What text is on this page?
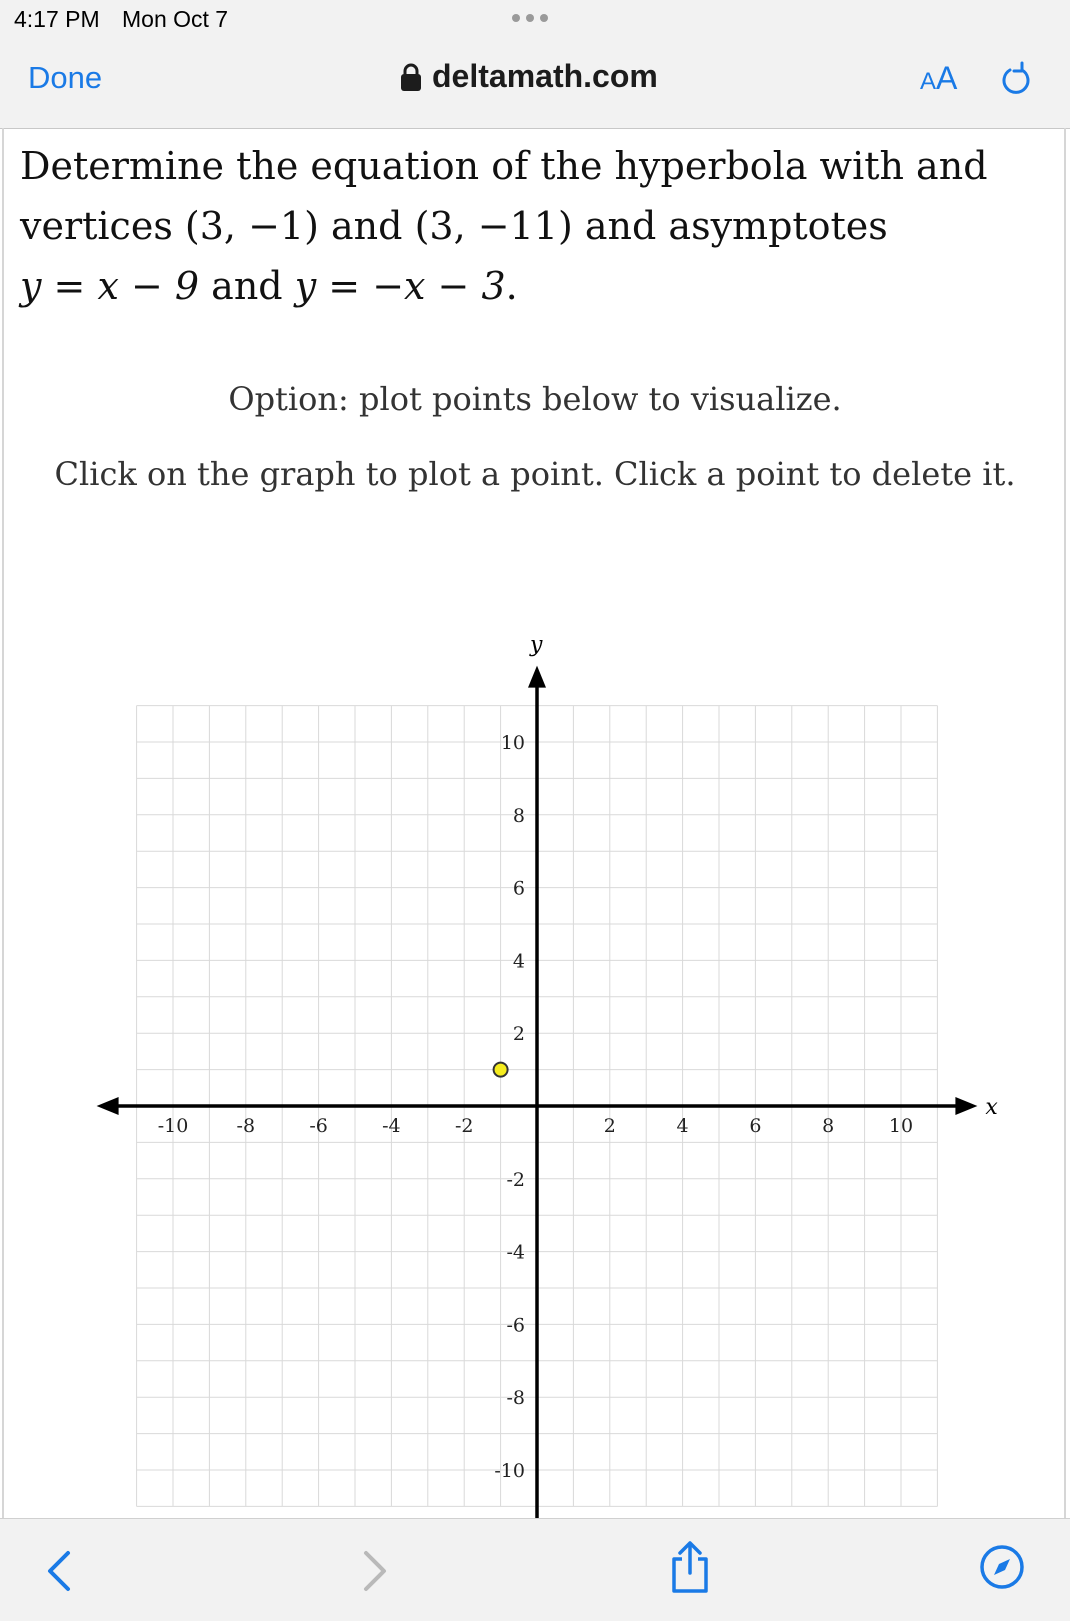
4:17 PM Mon Oct 7
Done	deltamath.com	AA
Determine the equation of the hyperbola with and vertices (3, −1) and (3, −11) and asymptotes
y = x − 9 and y = −x − 3.
Option: plot points below to visualize.
Click on the graph to plot a point. Click a point to delete it.
x
y
-10	-8	-6	-4	-2	2	4	6	8	10
10
8
6
4
2
-2
-4
-6
-8
-10
